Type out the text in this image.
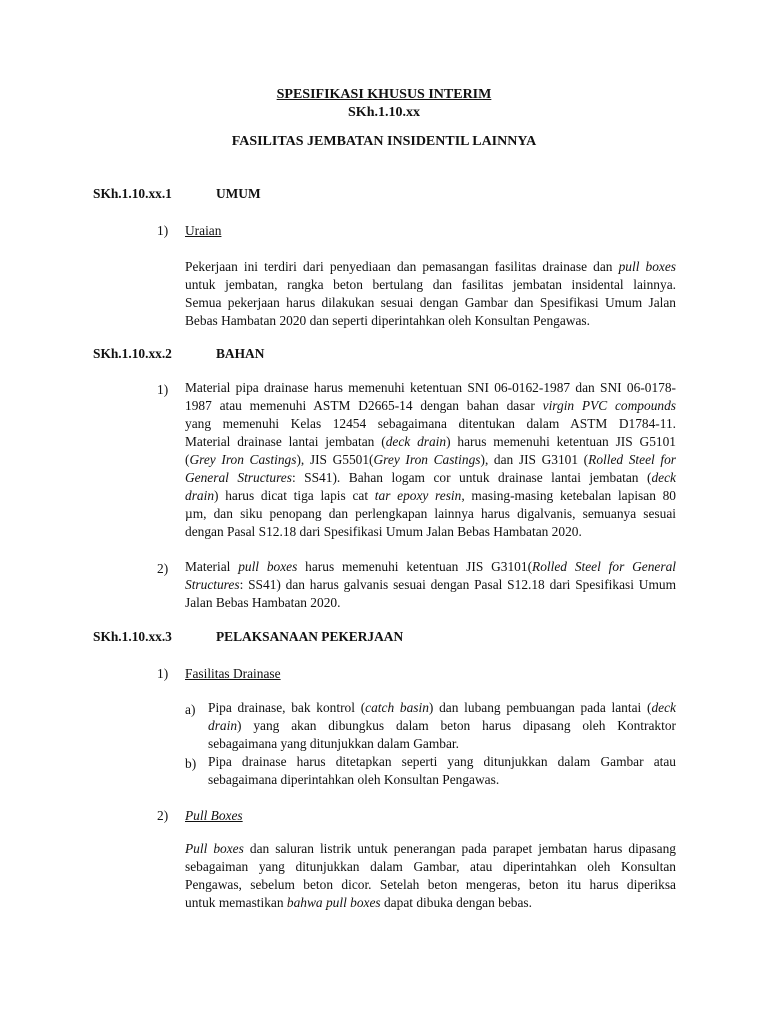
SPESIFIKASI KHUSUS INTERIM
SKh.1.10.xx
FASILITAS JEMBATAN INSIDENTIL LAINNYA
SKh.1.10.xx.1	UMUM
1) Uraian
Pekerjaan ini terdiri dari penyediaan dan pemasangan fasilitas drainase dan pull boxes
untuk jembatan, rangka beton bertulang dan fasilitas jembatan insidental lainnya.
Semua pekerjaan harus dilakukan sesuai dengan Gambar dan Spesifikasi Umum Jalan
Bebas Hambatan 2020 dan seperti diperintahkan oleh Konsultan Pengawas.
SKh.1.10.xx.2	BAHAN
1) Material pipa drainase harus memenuhi ketentuan SNI 06-0162-1987 dan SNI 06-0178-
1987 atau memenuhi ASTM D2665-14 dengan bahan dasar virgin PVC compounds
yang memenuhi Kelas 12454 sebagaimana ditentukan dalam ASTM D1784-11.
Material drainase lantai jembatan (deck drain) harus memenuhi ketentuan JIS G5101
(Grey Iron Castings), JIS G5501(Grey Iron Castings), dan JIS G3101 (Rolled Steel for
General Structures: SS41). Bahan logam cor untuk drainase lantai jembatan (deck
drain) harus dicat tiga lapis cat tar epoxy resin, masing-masing ketebalan lapisan 80
µm, dan siku penopang dan perlengkapan lainnya harus digalvanis, semuanya sesuai
dengan Pasal S12.18 dari Spesifikasi Umum Jalan Bebas Hambatan 2020.
2) Material pull boxes harus memenuhi ketentuan JIS G3101(Rolled Steel for General
Structures: SS41) dan harus galvanis sesuai dengan Pasal S12.18 dari Spesifikasi Umum
Jalan Bebas Hambatan 2020.
SKh.1.10.xx.3	PELAKSANAAN PEKERJAAN
1) Fasilitas Drainase
a) Pipa drainase, bak kontrol (catch basin) dan lubang pembuangan pada lantai (deck
drain) yang akan dibungkus dalam beton harus dipasang oleh Kontraktor
sebagaimana yang ditunjukkan dalam Gambar.
b) Pipa drainase harus ditetapkan seperti yang ditunjukkan dalam Gambar atau
sebagaimana diperintahkan oleh Konsultan Pengawas.
2) Pull Boxes
Pull boxes dan saluran listrik untuk penerangan pada parapet jembatan harus dipasang
sebagaiman yang ditunjukkan dalam Gambar, atau diperintahkan oleh Konsultan
Pengawas, sebelum beton dicor. Setelah beton mengeras, beton itu harus diperiksa
untuk memastikan bahwa pull boxes dapat dibuka dengan bebas.
